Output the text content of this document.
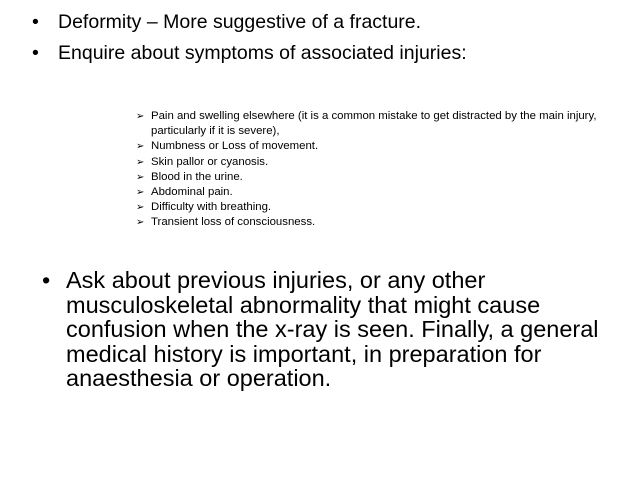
• Deformity – More suggestive of a fracture.
• Enquire about symptoms of associated injuries:
➢ Pain and swelling elsewhere (it is a common mistake to get distracted by the main injury, particularly if it is severe),
➢ Numbness or Loss of movement.
➢ Skin pallor or cyanosis.
➢ Blood in the urine.
➢ Abdominal pain.
➢ Difficulty with breathing.
➢ Transient loss of consciousness.
• Ask about previous injuries, or any other musculoskeletal abnormality that might cause confusion when the x-ray is seen. Finally, a general medical history is important, in preparation for anaesthesia or operation.
